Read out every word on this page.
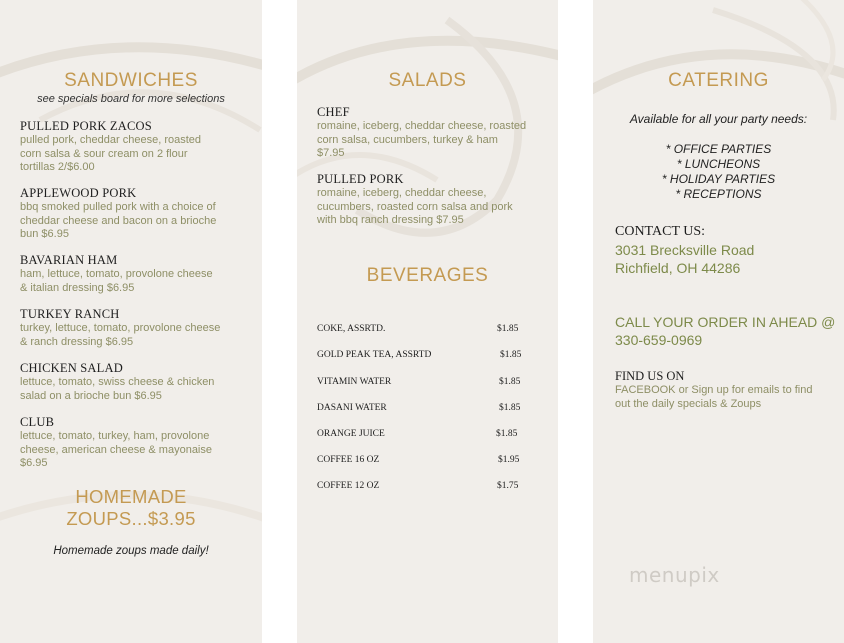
SANDWICHES
see specials board for more selections
PULLED PORK ZACOS
pulled pork, cheddar cheese, roasted
corn salsa & sour cream on 2 flour
tortillas 2/$6.00
APPLEWOOD PORK
bbq smoked pulled pork with a choice of
cheddar cheese and bacon on a brioche
bun $6.95
BAVARIAN HAM
ham, lettuce, tomato, provolone cheese
& italian dressing $6.95
TURKEY RANCH
turkey, lettuce, tomato, provolone cheese
& ranch dressing $6.95
CHICKEN SALAD
lettuce, tomato, swiss cheese & chicken
salad on a brioche bun $6.95
CLUB
lettuce, tomato, turkey, ham, provolone
cheese, american cheese & mayonaise
$6.95
HOMEMADE
ZOUPS...$3.95
Homemade zoups made daily!
SALADS
CHEF
romaine, iceberg, cheddar cheese, roasted
corn salsa, cucumbers, turkey & ham
$7.95
PULLED PORK
romaine, iceberg, cheddar cheese,
cucumbers, roasted corn salsa and pork
with bbq ranch dressing $7.95
BEVERAGES
COKE, ASSRTD.	$1.85
GOLD PEAK TEA, ASSRTD	$1.85
VITAMIN WATER	$1.85
DASANI WATER	$1.85
ORANGE JUICE	$1.85
COFFEE 16 OZ	$1.95
COFFEE 12 OZ	$1.75
CATERING
Available for all your party needs:
* OFFICE PARTIES
* LUNCHEONS
* HOLIDAY PARTIES
* RECEPTIONS
CONTACT US:
3031 Brecksville Road
Richfield, OH 44286
CALL YOUR ORDER IN AHEAD @
330-659-0969
FIND US ON
FACEBOOK or Sign up for emails to find
out the daily specials & Zoups
menupix
